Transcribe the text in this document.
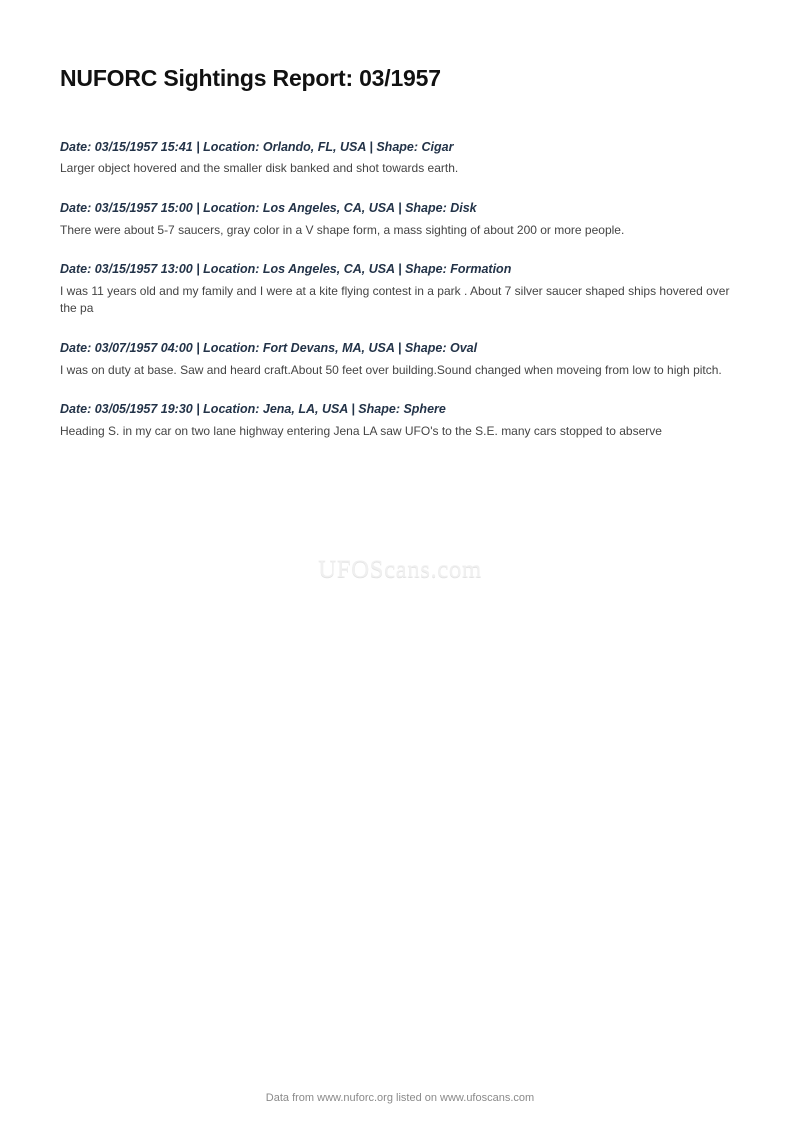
NUFORC Sightings Report: 03/1957
Date: 03/15/1957 15:41 | Location: Orlando, FL, USA | Shape: Cigar
Larger object hovered and the smaller disk banked and shot towards earth.
Date: 03/15/1957 15:00 | Location: Los Angeles, CA, USA | Shape: Disk
There were about 5-7 saucers, gray color in a V shape form, a mass sighting of about 200 or more people.
Date: 03/15/1957 13:00 | Location: Los Angeles, CA, USA | Shape: Formation
I was 11 years old and my family and I were at a kite flying contest in a park . About 7 silver saucer shaped ships hovered over the pa
Date: 03/07/1957 04:00 | Location: Fort Devans, MA, USA | Shape: Oval
I was on duty at base. Saw and heard craft.About 50 feet over building.Sound changed when moveing from low to high pitch.
Date: 03/05/1957 19:30 | Location: Jena, LA, USA | Shape: Sphere
Heading S. in my car on two lane highway entering Jena LA saw UFO's to the S.E. many cars stopped to abserve
UFOScans.com
Data from www.nuforc.org listed on www.ufoscans.com
